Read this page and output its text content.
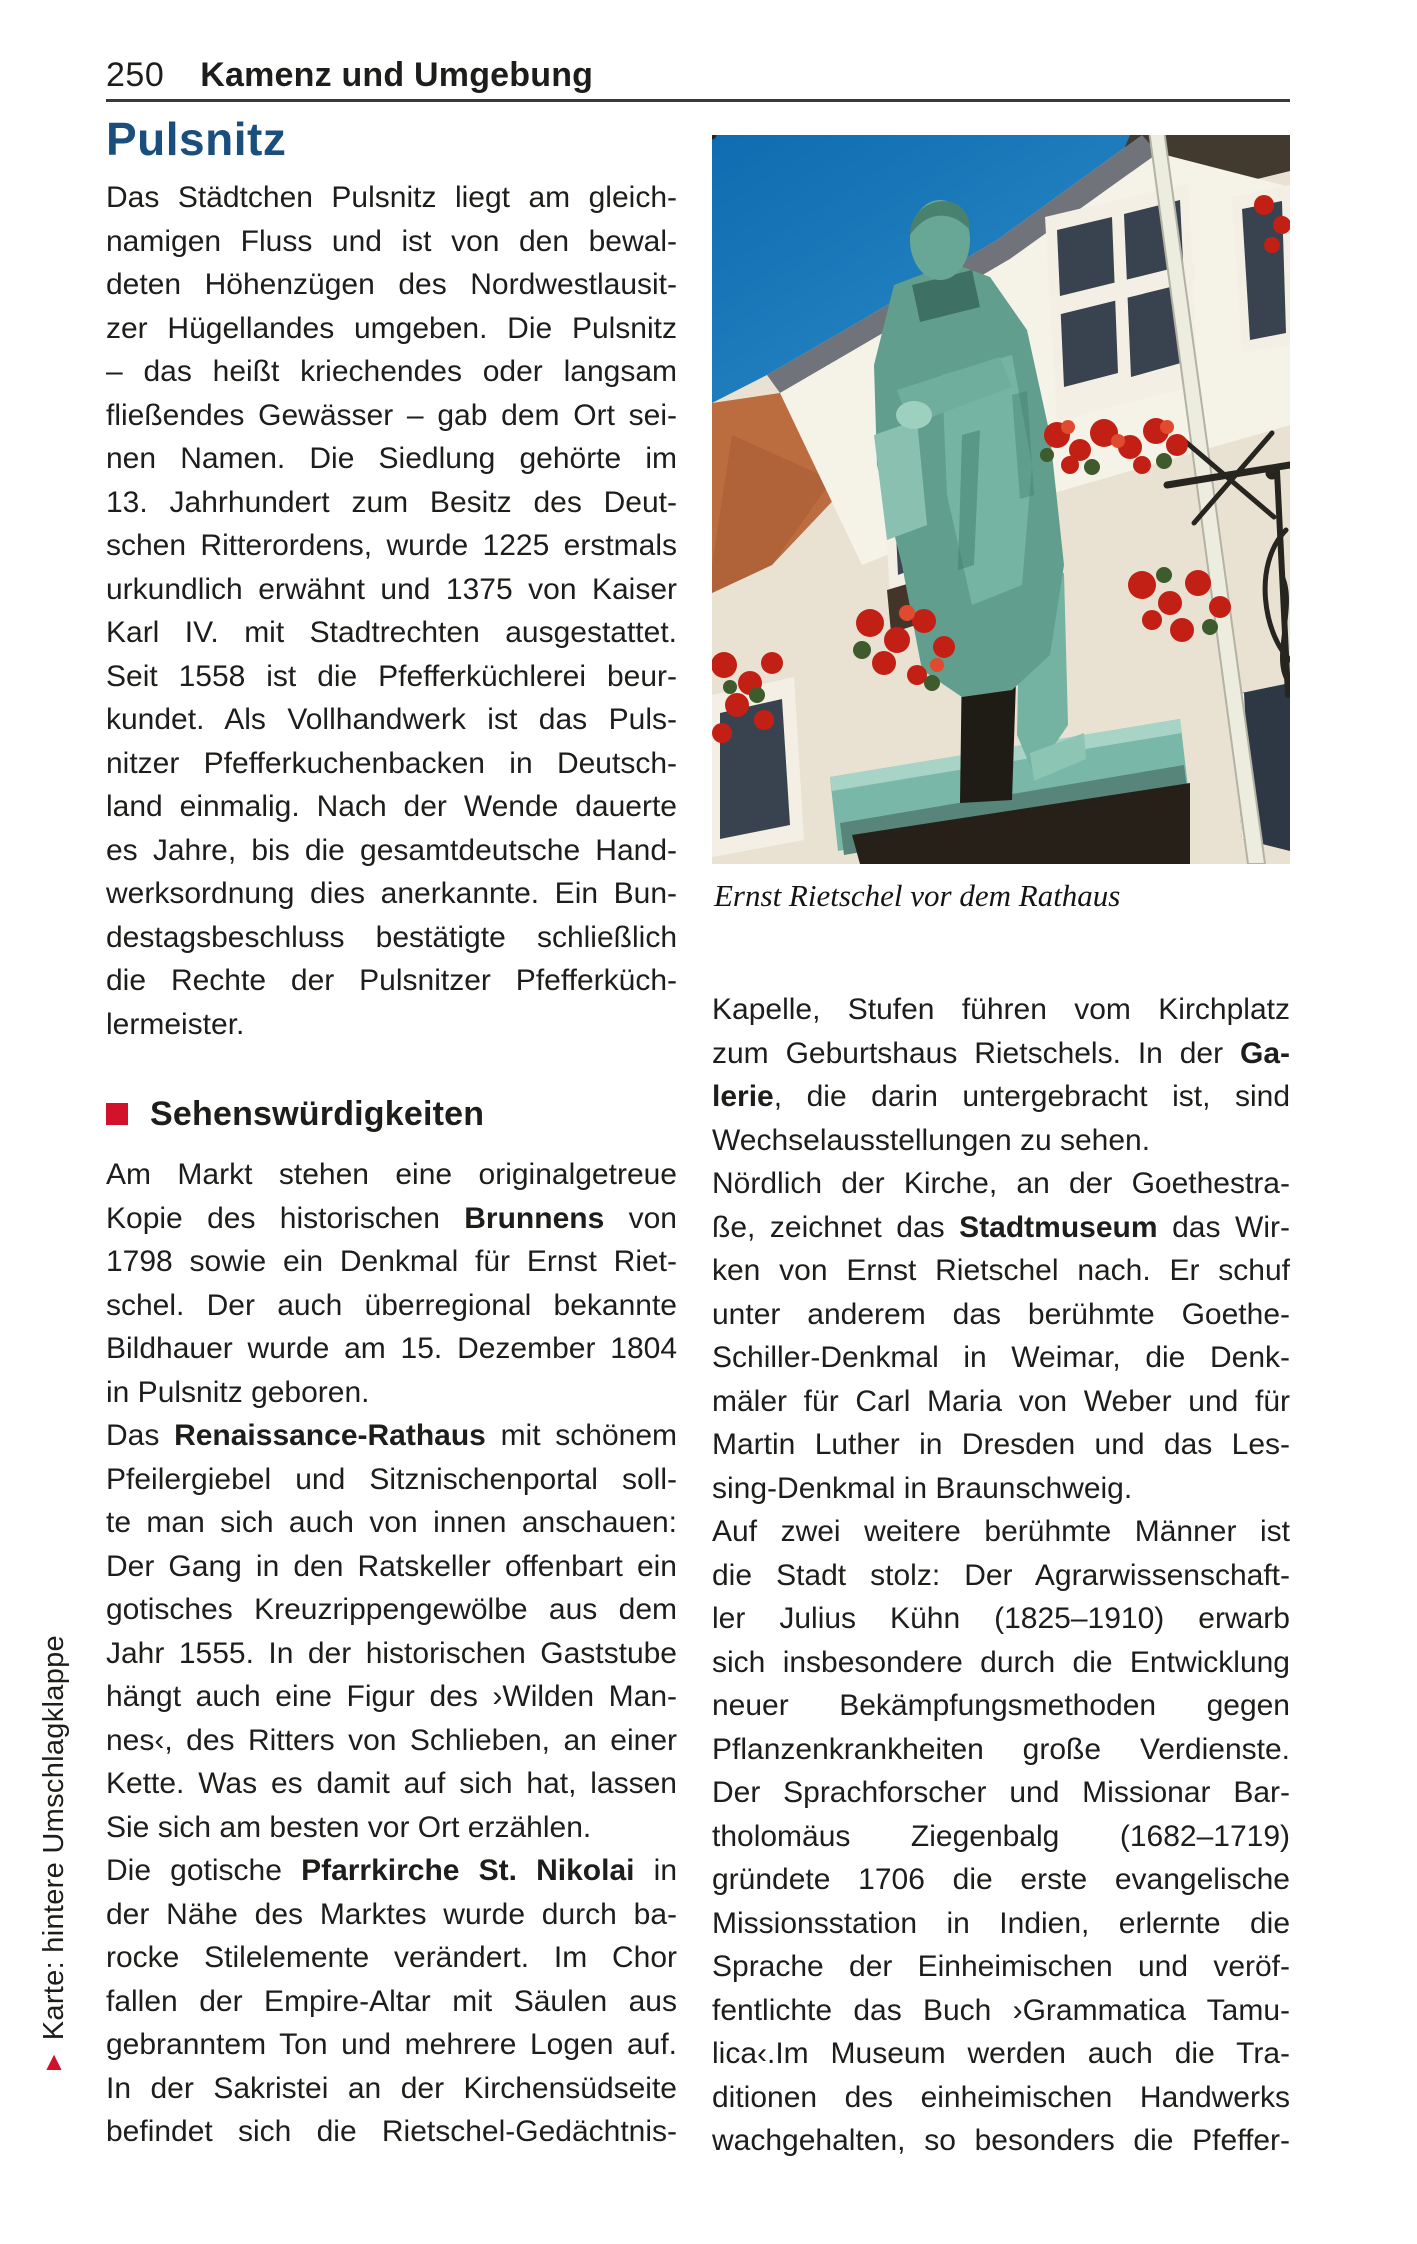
250 Kamenz und Umgebung
Pulsnitz
Das Städtchen Pulsnitz liegt am gleich-
namigen Fluss und ist von den bewal-
deten Höhenzügen des Nordwestlausit-
zer Hügellandes umgeben. Die Pulsnitz
– das heißt kriechendes oder langsam
fließendes Gewässer – gab dem Ort sei-
nen Namen. Die Siedlung gehörte im
13. Jahrhundert zum Besitz des Deut-
schen Ritterordens, wurde 1225 erstmals
urkundlich erwähnt und 1375 von Kaiser
Karl IV. mit Stadtrechten ausgestattet.
Seit 1558 ist die Pfefferküchlerei beur-
kundet. Als Vollhandwerk ist das Puls-
nitzer Pfefferkuchenbacken in Deutsch-
land einmalig. Nach der Wende dauerte
es Jahre, bis die gesamtdeutsche Hand-
werksordnung dies anerkannte. Ein Bun-
destagsbeschluss bestätigte schließlich
die Rechte der Pulsnitzer Pfefferküch-
lermeister.
Sehenswürdigkeiten
Am Markt stehen eine originalgetreue
Kopie des historischen Brunnens von
1798 sowie ein Denkmal für Ernst Riet-
schel. Der auch überregional bekannte
Bildhauer wurde am 15. Dezember 1804
in Pulsnitz geboren.
Das Renaissance-Rathaus mit schönem
Pfeilergiebel und Sitznischenportal soll-
te man sich auch von innen anschauen:
Der Gang in den Ratskeller offenbart ein
gotisches Kreuzrippengewölbe aus dem
Jahr 1555. In der historischen Gaststube
hängt auch eine Figur des ›Wilden Man-
nes‹, des Ritters von Schlieben, an einer
Kette. Was es damit auf sich hat, lassen
Sie sich am besten vor Ort erzählen.
Die gotische Pfarrkirche St. Nikolai in
der Nähe des Marktes wurde durch ba-
rocke Stilelemente verändert. Im Chor
fallen der Empire-Altar mit Säulen aus
gebranntem Ton und mehrere Logen auf.
In der Sakristei an der Kirchensüdseite
befindet sich die Rietschel-Gedächtnis-
Ernst Rietschel vor dem Rathaus
Kapelle, Stufen führen vom Kirchplatz
zum Geburtshaus Rietschels. In der Ga-
lerie, die darin untergebracht ist, sind
Wechselausstellungen zu sehen.
Nördlich der Kirche, an der Goethestra-
ße, zeichnet das Stadtmuseum das Wir-
ken von Ernst Rietschel nach. Er schuf
unter anderem das berühmte Goethe-
Schiller-Denkmal in Weimar, die Denk-
mäler für Carl Maria von Weber und für
Martin Luther in Dresden und das Les-
sing-Denkmal in Braunschweig.
Auf zwei weitere berühmte Männer ist
die Stadt stolz: Der Agrarwissenschaft-
ler Julius Kühn (1825–1910) erwarb
sich insbesondere durch die Entwicklung
neuer Bekämpfungsmethoden gegen
Pflanzenkrankheiten große Verdienste.
Der Sprachforscher und Missionar Bar-
tholomäus Ziegenbalg (1682–1719)
gründete 1706 die erste evangelische
Missionsstation in Indien, erlernte die
Sprache der Einheimischen und veröf-
fentlichte das Buch ›Grammatica Tamu-
lica‹.Im Museum werden auch die Tra-
ditionen des einheimischen Handwerks
wachgehalten, so besonders die Pfeffer-
Karte: hintere Umschlagklappe
▲
